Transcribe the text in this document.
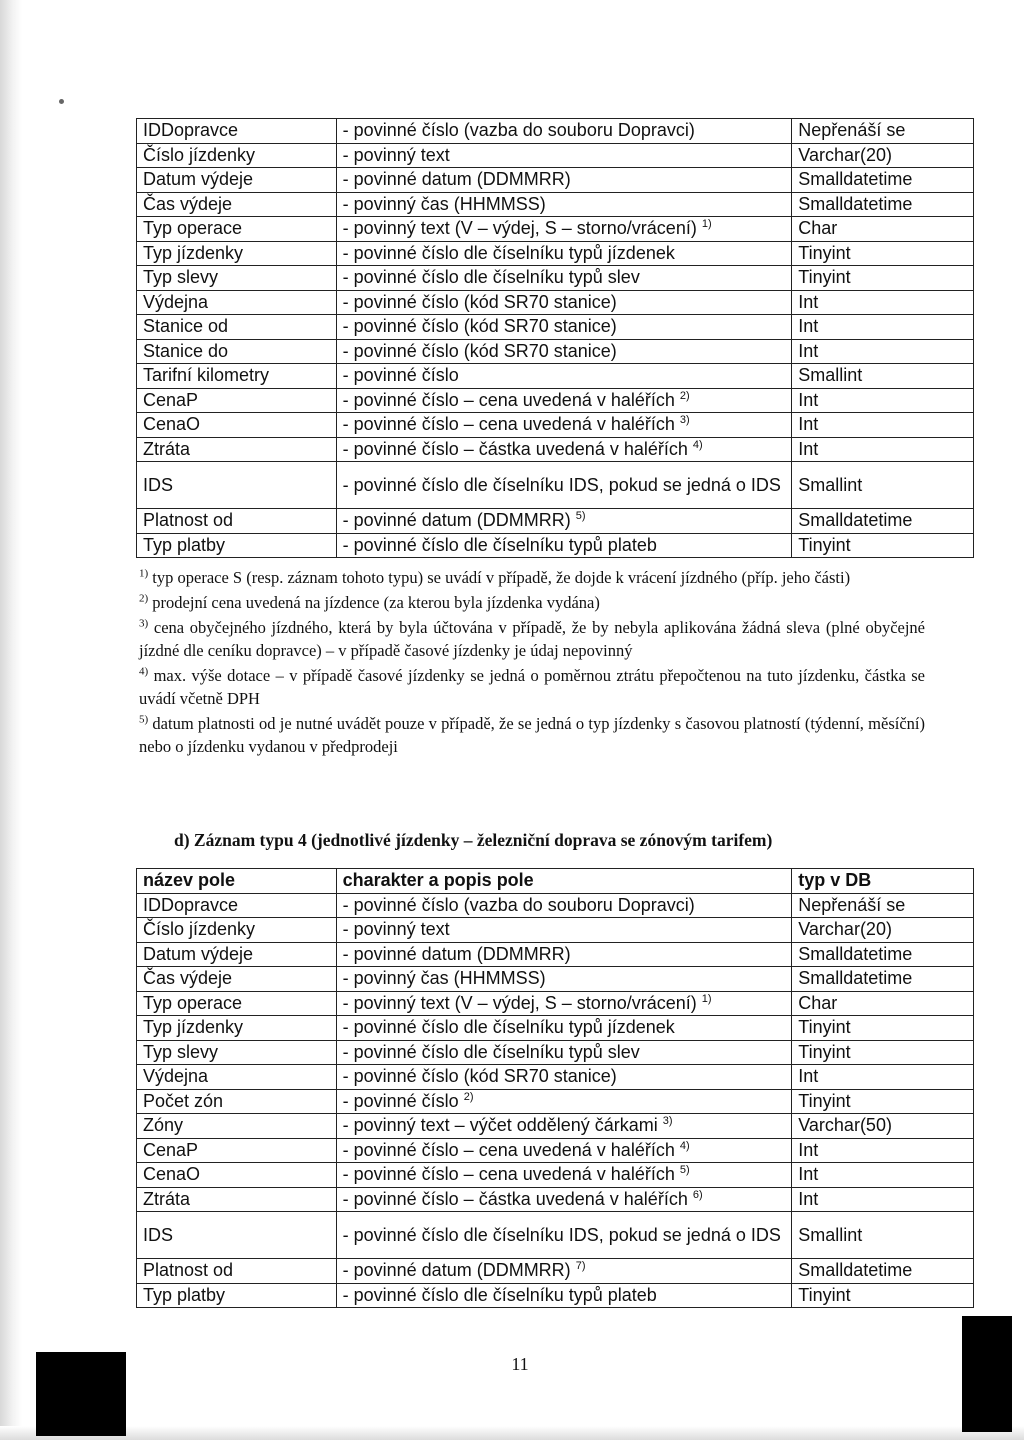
IDDopravce	- povinné číslo (vazba do souboru Dopravci)	Nepřenáší se
Číslo jízdenky	- povinný text	Varchar(20)
Datum výdeje	- povinné datum (DDMMRR)	Smalldatetime
Čas výdeje	- povinný čas (HHMMSS)	Smalldatetime
Typ operace	- povinný text (V – výdej, S – storno/vrácení) $^{1)}$	Char
Typ jízdenky	- povinné číslo dle číselníku typů jízdenek	Tinyint
Typ slevy	- povinné číslo dle číselníku typů slev	Tinyint
Výdejna	- povinné číslo (kód SR70 stanice)	Int
Stanice od	- povinné číslo (kód SR70 stanice)	Int
Stanice do	- povinné číslo (kód SR70 stanice)	Int
Tarifní kilometry	- povinné číslo	Smallint
CenaP	- povinné číslo – cena uvedená v haléřích $^{2)}$	Int
CenaO	- povinné číslo – cena uvedená v haléřích $^{3)}$	Int
Ztráta	- povinné číslo – částka uvedená v haléřích $^{4)}$	Int
IDS	- povinné číslo dle číselníku IDS, pokud se jedná o IDS	Smallint
Platnost od	- povinné datum (DDMMRR) $^{5)}$	Smalldatetime
Typ platby	- povinné číslo dle číselníku typů plateb	Tinyint

$^{1)}$ typ operace S (resp. záznam tohoto typu) se uvádí v případě, že dojde k vrácení jízdného (příp. jeho části)

$^{2)}$ prodejní cena uvedená na jízdence (za kterou byla jízdenka vydána)

$^{3)}$ cena obyčejného jízdného, která by byla účtována v případě, že by nebyla aplikována žádná sleva (plné obyčejné jízdné dle ceníku dopravce) – v případě časové jízdenky je údaj nepovinný

$^{4)}$ max. výše dotace – v případě časové jízdenky se jedná o poměrnou ztrátu přepočtenou na tuto jízdenku, částka se uvádí včetně DPH

$^{5)}$ datum platnosti od je nutné uvádět pouze v případě, že se jedná o typ jízdenky s časovou platností (týdenní, měsíční) nebo o jízdenku vydanou v předprodeji

d) Záznam typu 4 (jednotlivé jízdenky – železniční doprava se zónovým tarifem)
název pole	charakter a popis pole	typ v DB
IDDopravce	- povinné číslo (vazba do souboru Dopravci)	Nepřenáší se
Číslo jízdenky	- povinný text	Varchar(20)
Datum výdeje	- povinné datum (DDMMRR)	Smalldatetime
Čas výdeje	- povinný čas (HHMMSS)	Smalldatetime
Typ operace	- povinný text (V – výdej, S – storno/vrácení) $^{1)}$	Char
Typ jízdenky	- povinné číslo dle číselníku typů jízdenek	Tinyint
Typ slevy	- povinné číslo dle číselníku typů slev	Tinyint
Výdejna	- povinné číslo (kód SR70 stanice)	Int
Počet zón	- povinné číslo $^{2)}$	Tinyint
Zóny	- povinný text – výčet oddělený čárkami $^{3)}$	Varchar(50)
CenaP	- povinné číslo – cena uvedená v haléřích $^{4)}$	Int
CenaO	- povinné číslo – cena uvedená v haléřích $^{5)}$	Int
Ztráta	- povinné číslo – částka uvedená v haléřích $^{6)}$	Int
IDS	- povinné číslo dle číselníku IDS, pokud se jedná o IDS	Smallint
Platnost od	- povinné datum (DDMMRR) $^{7)}$	Smalldatetime
Typ platby	- povinné číslo dle číselníku typů plateb	Tinyint
11
